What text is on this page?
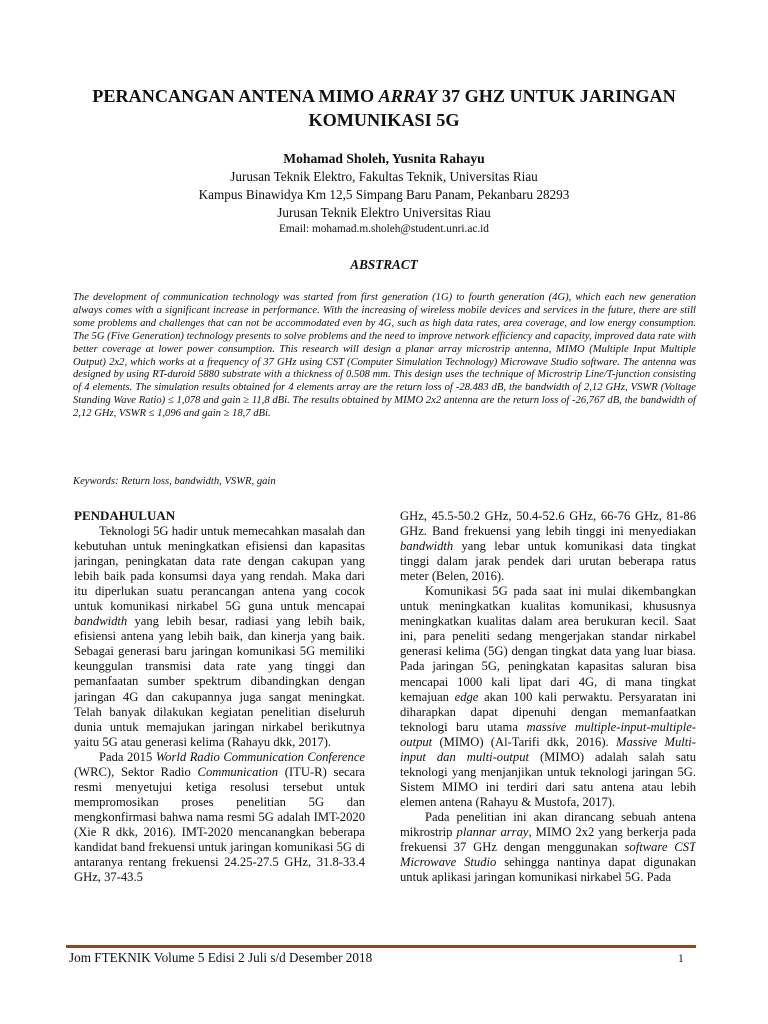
PERANCANGAN ANTENA MIMO ARRAY 37 GHZ UNTUK JARINGAN
KOMUNIKASI 5G
Mohamad Sholeh, Yusnita Rahayu
Jurusan Teknik Elektro, Fakultas Teknik, Universitas Riau
Kampus Binawidya Km 12,5 Simpang Baru Panam, Pekanbaru 28293
Jurusan Teknik Elektro Universitas Riau
Email: mohamad.m.sholeh@student.unri.ac.id
ABSTRACT

The development of communication technology was started from first generation (1G) to fourth generation (4G), which each new generation always comes with a significant increase in performance. With the increasing of wireless mobile devices and services in the future, there are still some problems and challenges that can not be accommodated even by 4G, such as high data rates, area coverage, and low energy consumption. The 5G (Five Generation) technology presents to solve problems and the need to improve network efficiency and capacity, improved data rate with better coverage at lower power consumption. This research will design a planar array microstrip antenna, MIMO (Multiple Input Multiple Output) 2x2, which works at a frequency of 37 GHz using CST (Computer Simulation Technology) Microwave Studio software. The antenna was designed by using RT-duroid 5880 substrate with a thickness of 0.508 mm. This design uses the technique of Microstrip Line/T-junction consisting of 4 elements. The simulation results obtained for 4 elements array are the return loss of -28.483 dB, the bandwidth of 2,12 GHz, VSWR (Voltage Standing Wave Ratio) ≤ 1,078 and gain ≥ 11,8 dBi. The results obtained by MIMO 2x2 antenna are the return loss of -26,767 dB, the bandwidth of 2,12 GHz, VSWR ≤ 1,096 and gain ≥ 18,7 dBi.

Keywords: Return loss, bandwidth, VSWR, gain
PENDAHULUAN

Teknologi 5G hadir untuk memecahkan masalah dan kebutuhan untuk meningkatkan efisiensi dan kapasitas jaringan, peningkatan data rate dengan cakupan yang lebih baik pada konsumsi daya yang rendah. Maka dari itu diperlukan suatu perancangan antena yang cocok untuk komunikasi nirkabel 5G guna untuk mencapai bandwidth yang lebih besar, radiasi yang lebih baik, efisiensi antena yang lebih baik, dan kinerja yang baik. Sebagai generasi baru jaringan komunikasi 5G memiliki keunggulan transmisi data rate yang tinggi dan pemanfaatan sumber spektrum dibandingkan dengan jaringan 4G dan cakupannya juga sangat meningkat. Telah banyak dilakukan kegiatan penelitian diseluruh dunia untuk memajukan jaringan nirkabel berikutnya yaitu 5G atau generasi kelima (Rahayu dkk, 2017).

Pada 2015 World Radio Communication Conference (WRC), Sektor Radio Communication (ITU-R) secara resmi menyetujui ketiga resolusi tersebut untuk mempromosikan proses penelitian 5G dan mengkonfirmasi bahwa nama resmi 5G adalah IMT-2020 (Xie R dkk, 2016). IMT-2020 mencanangkan beberapa kandidat band frekuensi untuk jaringan komunikasi 5G di antaranya rentang frekuensi 24.25-27.5 GHz, 31.8-33.4 GHz, 37-43.5

GHz, 45.5-50.2 GHz, 50.4-52.6 GHz, 66-76 GHz, 81-86 GHz. Band frekuensi yang lebih tinggi ini menyediakan bandwidth yang lebar untuk komunikasi data tingkat tinggi dalam jarak pendek dari urutan beberapa ratus meter (Belen, 2016).

Komunikasi 5G pada saat ini mulai dikembangkan untuk meningkatkan kualitas komunikasi, khususnya meningkatkan kualitas dalam area berukuran kecil. Saat ini, para peneliti sedang mengerjakan standar nirkabel generasi kelima (5G) dengan tingkat data yang luar biasa. Pada jaringan 5G, peningkatan kapasitas saluran bisa mencapai 1000 kali lipat dari 4G, di mana tingkat kemajuan edge akan 100 kali perwaktu. Persyaratan ini diharapkan dapat dipenuhi dengan memanfaatkan teknologi baru utama massive multiple-input-multiple-output (MIMO) (Al-Tarifi dkk, 2016). Massive Multi-input dan multi-output (MIMO) adalah salah satu teknologi yang menjanjikan untuk teknologi jaringan 5G. Sistem MIMO ini terdiri dari satu antena atau lebih elemen antena (Rahayu & Mustofa, 2017).

Pada penelitian ini akan dirancang sebuah antena mikrostrip plannar array, MIMO 2x2 yang berkerja pada frekuensi 37 GHz dengan menggunakan software CST Microwave Studio sehingga nantinya dapat digunakan untuk aplikasi jaringan komunikasi nirkabel 5G. Pada

Jom FTEKNIK Volume 5 Edisi 2 Juli s/d Desember 2018	1
